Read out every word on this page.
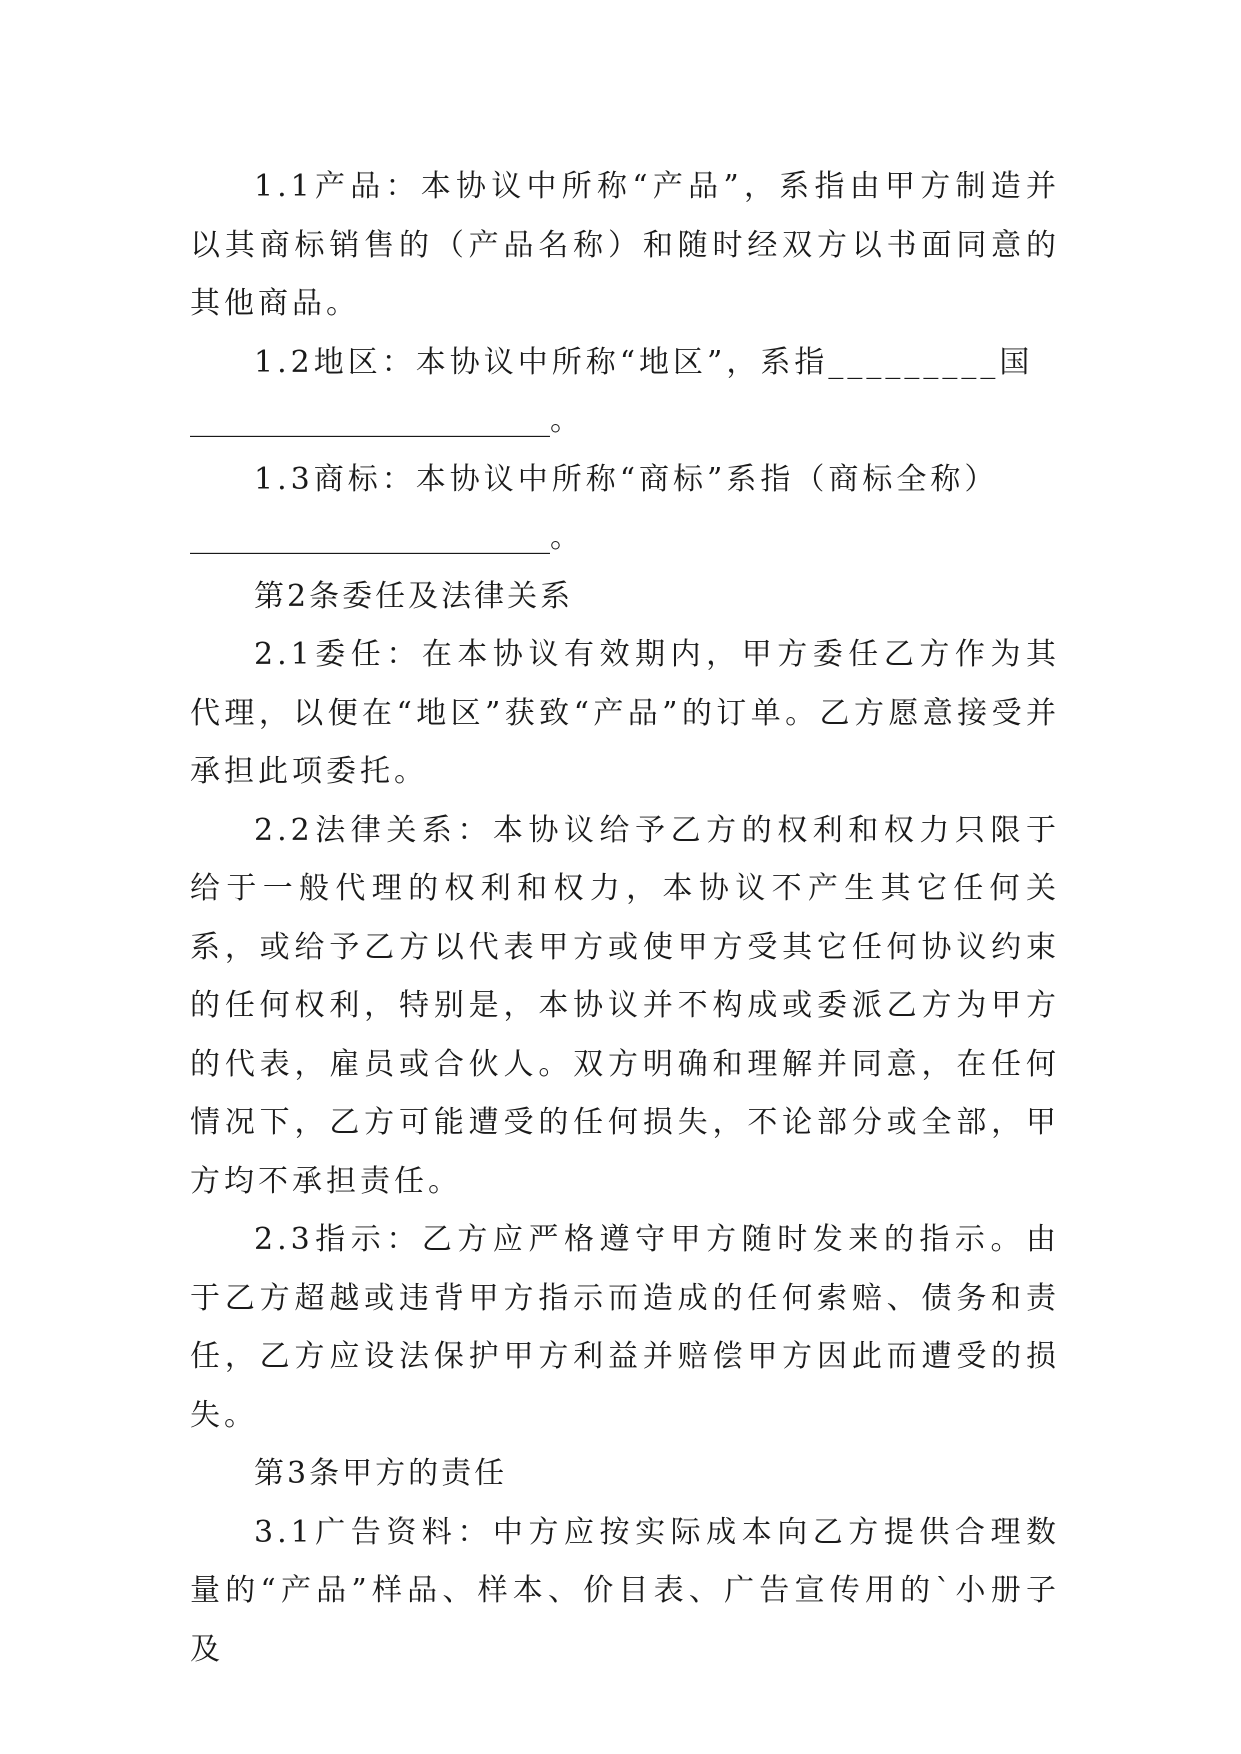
1.1产品：本协议中所称“产品”，系指由甲方制造并以其商标销售的（产品名称）和随时经双方以书面同意的其他商品。

1.2地区：本协议中所称“地区”，系指_________国

________________________。

1.3商标：本协议中所称“商标”系指（商标全称）

________________________。

第2条委任及法律关系

2.1委任：在本协议有效期内，甲方委任乙方作为其代理，以便在“地区”获致“产品”的订单。乙方愿意接受并承担此项委托。

2.2法律关系：本协议给予乙方的权利和权力只限于给于一般代理的权利和权力，本协议不产生其它任何关系，或给予乙方以代表甲方或使甲方受其它任何协议约束的任何权利，特别是，本协议并不构成或委派乙方为甲方的代表，雇员或合伙人。双方明确和理解并同意，在任何情况下，乙方可能遭受的任何损失，不论部分或全部，甲方均不承担责任。

2.3指示：乙方应严格遵守甲方随时发来的指示。由于乙方超越或违背甲方指示而造成的任何索赔、债务和责任，乙方应设法保护甲方利益并赔偿甲方因此而遭受的损失。

第3条甲方的责任

3.1广告资料：中方应按实际成本向乙方提供合理数量的“产品”样品、样本、价目表、广告宣传用的`小册子及
